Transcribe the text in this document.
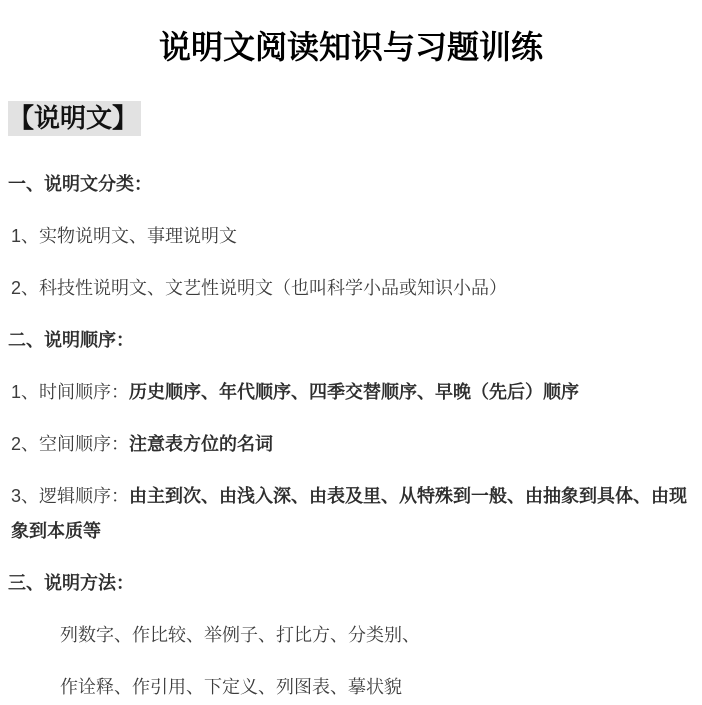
说明文阅读知识与习题训练
【说明文】

一、说明文分类：

1、实物说明文、事理说明文

2、科技性说明文、文艺性说明文（也叫科学小品或知识小品）

二、说明顺序：

1、时间顺序：历史顺序、年代顺序、四季交替顺序、早晚（先后）顺序

2、空间顺序：注意表方位的名词

3、逻辑顺序：由主到次、由浅入深、由表及里、从特殊到一般、由抽象到具体、由现象到本质等

三、说明方法：

列数字、作比较、举例子、打比方、分类别、

作诠释、作引用、下定义、列图表、摹状貌
